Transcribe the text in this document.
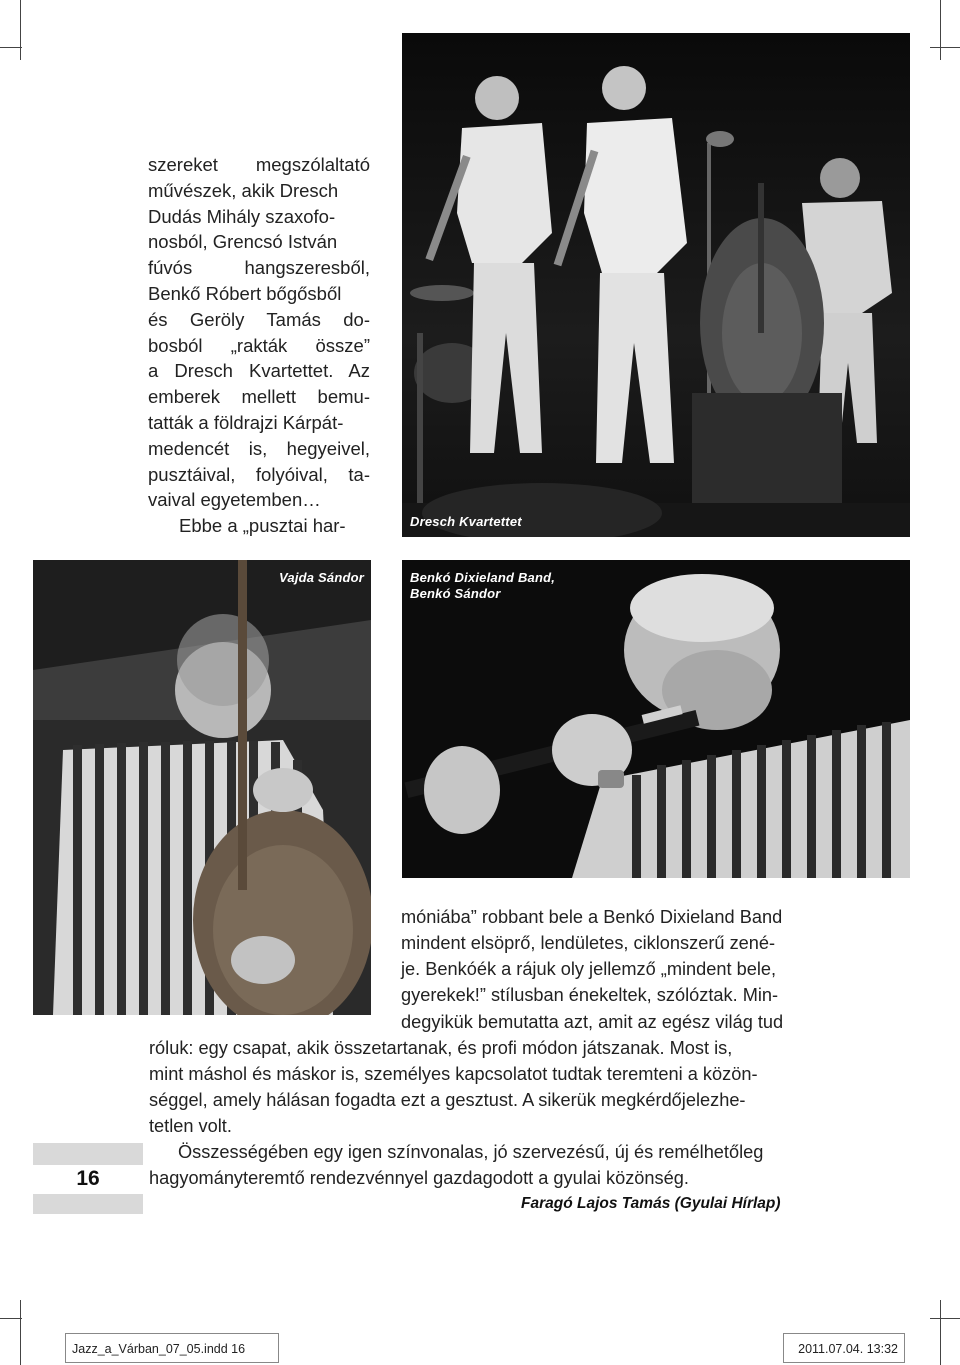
szereket megszólaltató
művészek, akik Dresch
Dudás Mihály szaxofo-
nosból, Grencsó István
fúvós hangszeresből,
Benkő Róbert bőgősből
és Geröly Tamás do-
bosból „rakták össze”
a Dresch Kvartettet. Az
emberek mellett bemu-
tatták a földrajzi Kárpát-
medencét is, hegyeivel,
pusztáival, folyóival, ta-
vaival egyetemben…
Ebbe a „pusztai har-	Dresch Kvartettet
Vajda Sándor	Benkó Dixieland Band,
Benkó Sándor
móniába” robbant bele a Benkó Dixieland Band
mindent elsöprő, lendületes, ciklonszerű zené-
je. Benkóék a rájuk oly jellemző „mindent bele,
gyerekek!” stílusban énekeltek, szólóztak. Min-
degyikük bemutatta azt, amit az egész világ tud
róluk: egy csapat, akik összetartanak, és profi módon játszanak. Most is,
mint máshol és máskor is, személyes kapcsolatot tudtak teremteni a közön-
séggel, amely hálásan fogadta ezt a gesztust. A sikerük megkérdőjelezhe-
tetlen volt.
Összességében egy igen színvonalas, jó szervezésű, új és remélhetőleg
hagyományteremtő rendezvénnyel gazdagodott a gyulai közönség.
Faragó Lajos Tamás (Gyulai Hírlap)
16
Jazz_a_Várban_07_05.indd 16	2011.07.04. 13:32
